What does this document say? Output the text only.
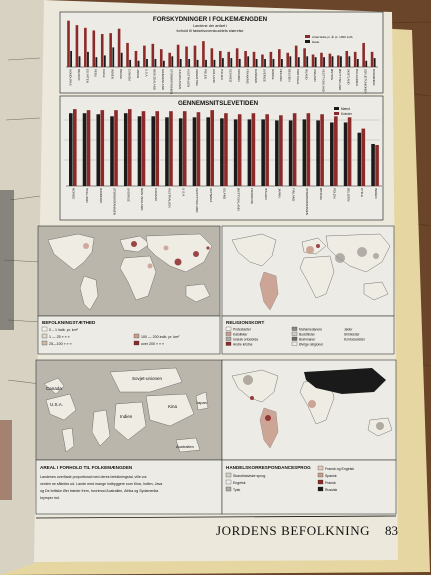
FORSKYDNINGER I FOLKEMÆNGDEN
Landene der anført i
forhold til fødselsoverskuddets størrelse
Antal fødte pr. år pr. 1000 indb.
Døde
HONDURAS MEXICO EGYPTEN PERU CHILE INDIEN BRASIL CANADA JAPAN U.S.A. NEW ZEALAND GRÆKENLAND STORBRITANNIEN JUGOSLAVIEN AUSTRALIEN ARGENTINA POLEN HOLLAND ITALIEN SCHWEIZ SPANIEN FRANKRIG DANMARK SVERIGE NORGE FINLAND BELGIEN PORTUGAL IRLAND UNGARN VESTTYSKLAND ØSTRIG ØSTTYSKLAND SKOTLAND BULGARIEN SOVJETUNIONEN RUMÆNIEN
GENNEMSNITSLEVETIDEN
Mænd
Kvinder
NORGE	HOLLAND	DANMARK	STORBRITANNIEN	SVERIGE	NEW ZEALAND	CANADA	AUSTRALIEN	U.S.A.	VESTTYSKLAND	SCHWEIZ	ISLAND	ØSTTYSKLAND	FRANKRIG	ITALIEN	JAPAN	FINLAND	STORBRITANNIEN	ØSTRIG	POLEN	BELGIEN	CHILE	INDIEN
BEFOLKNINGSTÆTHED
0 – 1 indb. pr. km²
1 — 25 » » »
25—100 » » »
100 — 200 indb. pr. km²
over 200 » » »
RELIGIONSKORT
Protestanter
Katolikker
Græsk ortodokse
Andre kristne
Muhamedanere
Buddhister
Brahmaner
Øvrige religioner
Jøder
Shintoister
Konfucianister
Canada
U.S.A.
Sovjet-unionen
Kina
Indien
Japan
Australien
AREAL I FORHOLD TIL FOLKEMÆNGDEN
Landenes overflade proportional med deres befolkningstal, ville vor
verden se således ud. Lande med mange indbyggere som Kina, Indien, Java
og De britiske Øer træder frem, hvorimod Australien, Afrika og Sydamerika
krymper ind.
HANDELSKORRESPONDANCESPROG
Skandinaviske sprog
Engelsk
Tysk
Fransk og Engelsk
Spansk
Fransk
Russisk
JORDENS BEFOLKNING 83
